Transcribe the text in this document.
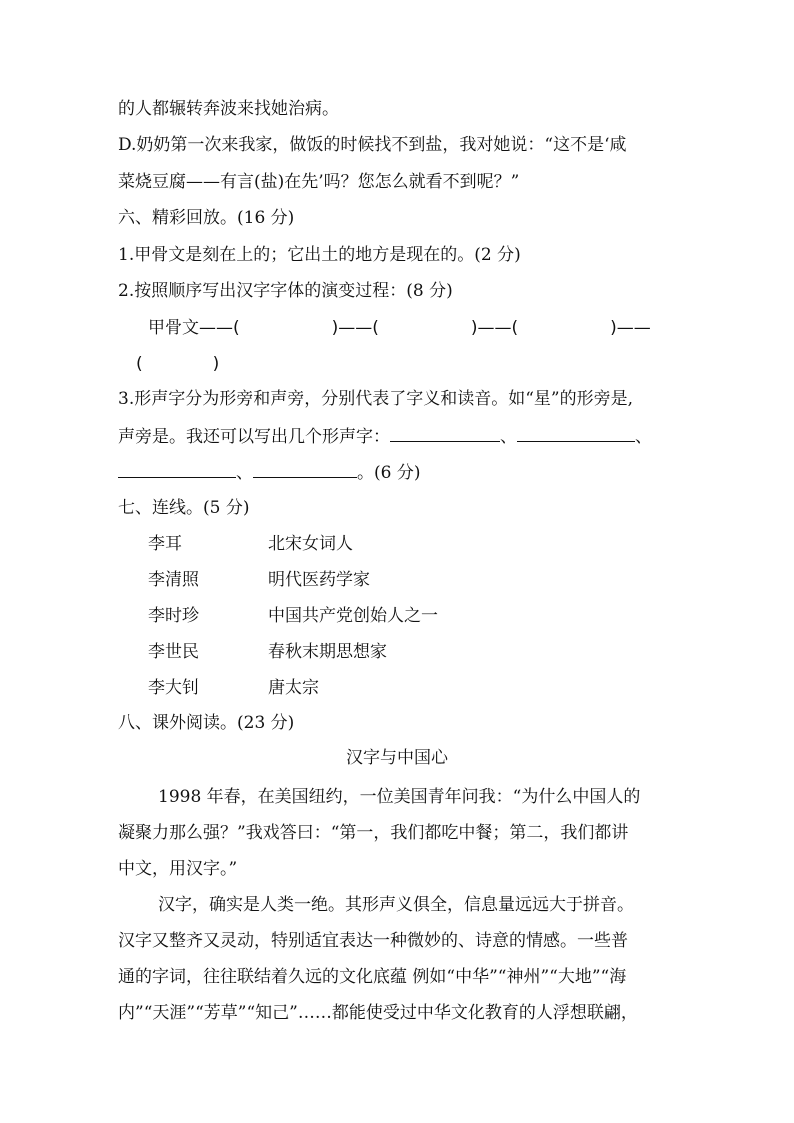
的人都辗转奔波来找她治病。
D.奶奶第一次来我家，做饭的时候找不到盐，我对她说：“这不是‘咸
菜烧豆腐——有言(盐)在先’吗？您怎么就看不到呢？”
六、精彩回放。(16 分)
1.甲骨文是刻在上的；它出土的地方是现在的。(2 分)
2.按照顺序写出汉字字体的演变过程：(8 分)
甲骨文——(	)——(	)——(	)——
(	)
3.形声字分为形旁和声旁，分别代表了字义和读音。如“星”的形旁是,
声旁是。我还可以写出几个形声字：	、	、
、	。(6 分)
七、连线。(5 分)
李耳	北宋女词人
李清照	明代医药学家
李时珍	中国共产党创始人之一
李世民	春秋末期思想家
李大钊	唐太宗
八、课外阅读。(23 分)
汉字与中国心
1998 年春，在美国纽约，一位美国青年问我：“为什么中国人的
凝聚力那么强？”我戏答曰：“第一，我们都吃中餐；第二，我们都讲
中文，用汉字。”
汉字，确实是人类一绝。其形声义俱全，信息量远远大于拼音。
汉字又整齐又灵动，特别适宜表达一种微妙的、诗意的情感。一些普
通的字词，往往联结着久远的文化底蕴 例如“中华”“神州”“大地”“海
内”“天涯”“芳草”“知己”……都能使受过中华文化教育的人浮想联翩，
